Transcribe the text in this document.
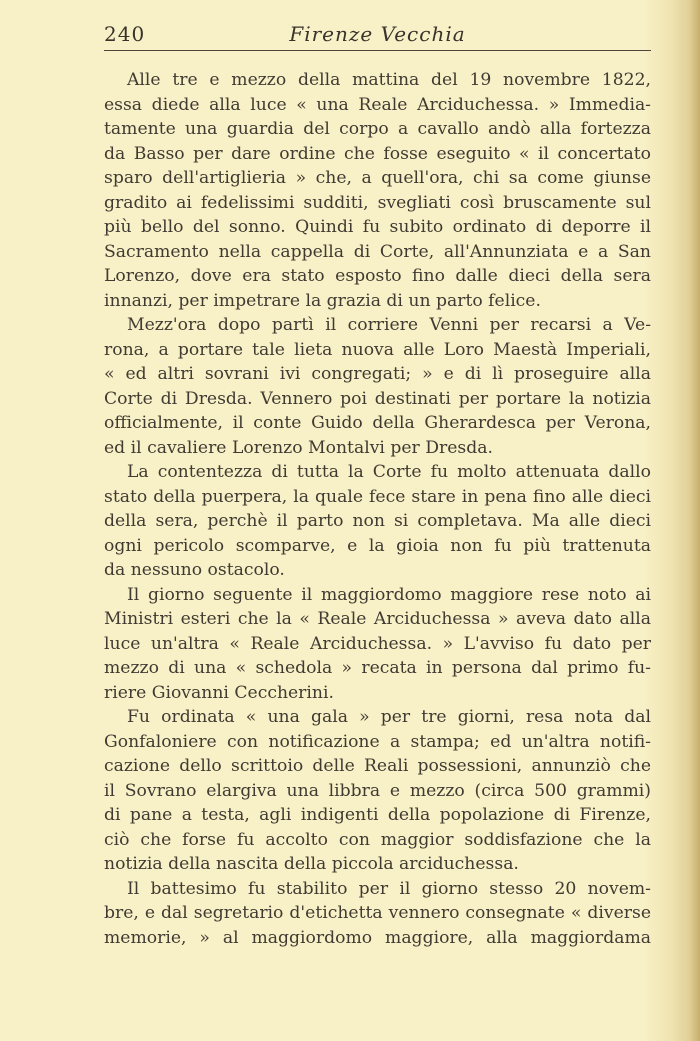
240	Firenze Vecchia
Alle tre e mezzo della mattina del 19 novembre 1822,
essa diede alla luce « una Reale Arciduchessa. » Immedia-
tamente una guardia del corpo a cavallo andò alla fortezza
da Basso per dare ordine che fosse eseguito « il concertato
sparo dell'artiglieria » che, a quell'ora, chi sa come giunse
gradito ai fedelissimi sudditi, svegliati così bruscamente sul
più bello del sonno. Quindi fu subito ordinato di deporre il
Sacramento nella cappella di Corte, all'Annunziata e a San
Lorenzo, dove era stato esposto fino dalle dieci della sera
innanzi, per impetrare la grazia di un parto felice.
Mezz'ora dopo partì il corriere Venni per recarsi a Ve-
rona, a portare tale lieta nuova alle Loro Maestà Imperiali,
« ed altri sovrani ivi congregati; » e di lì proseguire alla
Corte di Dresda. Vennero poi destinati per portare la notizia
officialmente, il conte Guido della Gherardesca per Verona,
ed il cavaliere Lorenzo Montalvi per Dresda.
La contentezza di tutta la Corte fu molto attenuata dallo
stato della puerpera, la quale fece stare in pena fino alle dieci
della sera, perchè il parto non si completava. Ma alle dieci
ogni pericolo scomparve, e la gioia non fu più trattenuta
da nessuno ostacolo.
Il giorno seguente il maggiordomo maggiore rese noto ai
Ministri esteri che la « Reale Arciduchessa » aveva dato alla
luce un'altra « Reale Arciduchessa. » L'avviso fu dato per
mezzo di una « schedola » recata in persona dal primo fu-
riere Giovanni Ceccherini.
Fu ordinata « una gala » per tre giorni, resa nota dal
Gonfaloniere con notificazione a stampa; ed un'altra notifi-
cazione dello scrittoio delle Reali possessioni, annunziò che
il Sovrano elargiva una libbra e mezzo (circa 500 grammi)
di pane a testa, agli indigenti della popolazione di Firenze,
ciò che forse fu accolto con maggior soddisfazione che la
notizia della nascita della piccola arciduchessa.
Il battesimo fu stabilito per il giorno stesso 20 novem-
bre, e dal segretario d'etichetta vennero consegnate « diverse
memorie, » al maggiordomo maggiore, alla maggiordama
